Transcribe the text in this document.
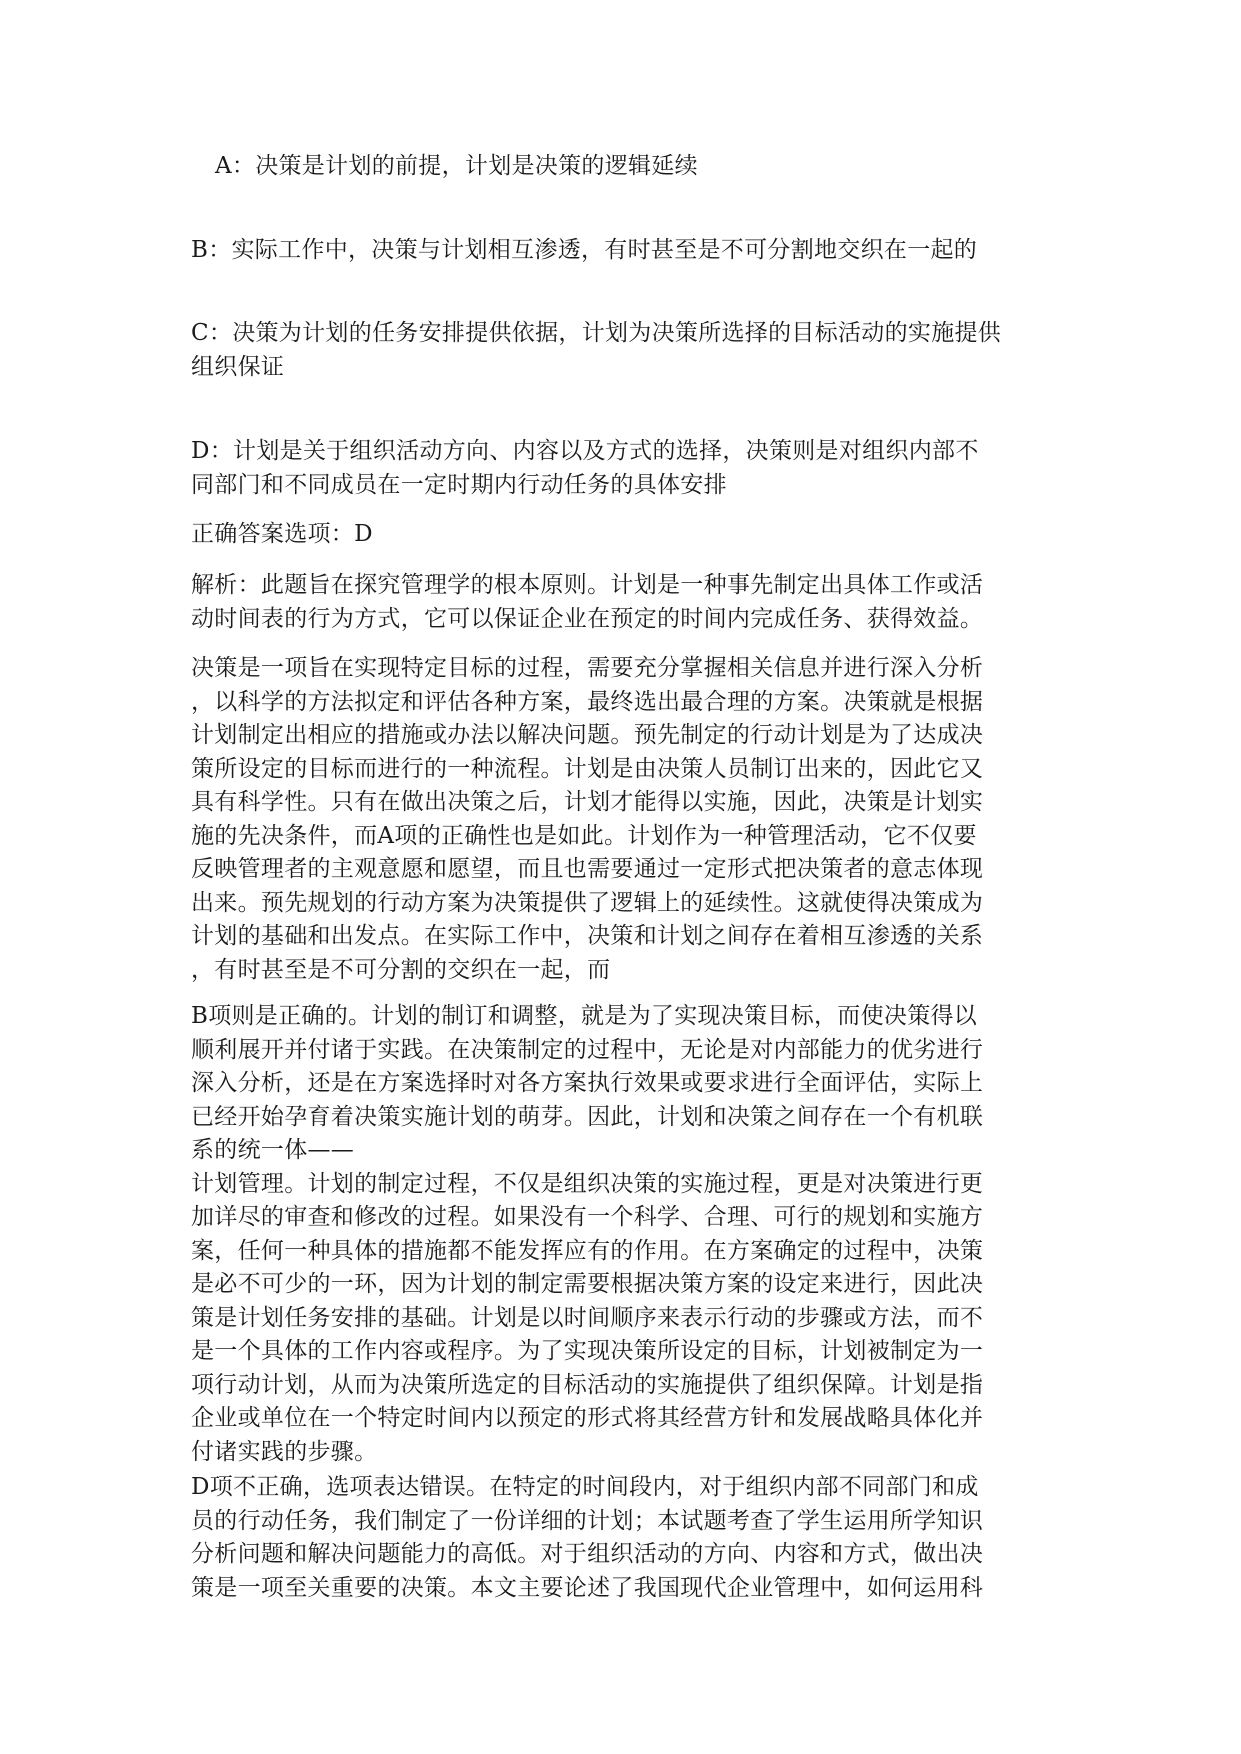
A：决策是计划的前提，计划是决策的逻辑延续
B：实际工作中，决策与计划相互渗透，有时甚至是不可分割地交织在一起的
C：决策为计划的任务安排提供依据，计划为决策所选择的目标活动的实施提供
组织保证
D：计划是关于组织活动方向、内容以及方式的选择，决策则是对组织内部不
同部门和不同成员在一定时期内行动任务的具体安排
正确答案选项：D
解析：此题旨在探究管理学的根本原则。计划是一种事先制定出具体工作或活
动时间表的行为方式，它可以保证企业在预定的时间内完成任务、获得效益。
决策是一项旨在实现特定目标的过程，需要充分掌握相关信息并进行深入分析
，以科学的方法拟定和评估各种方案，最终选出最合理的方案。决策就是根据
计划制定出相应的措施或办法以解决问题。预先制定的行动计划是为了达成决
策所设定的目标而进行的一种流程。计划是由决策人员制订出来的，因此它又
具有科学性。只有在做出决策之后，计划才能得以实施，因此，决策是计划实
施的先决条件，而A项的正确性也是如此。计划作为一种管理活动，它不仅要
反映管理者的主观意愿和愿望，而且也需要通过一定形式把决策者的意志体现
出来。预先规划的行动方案为决策提供了逻辑上的延续性。这就使得决策成为
计划的基础和出发点。在实际工作中，决策和计划之间存在着相互渗透的关系
，有时甚至是不可分割的交织在一起，而
B项则是正确的。计划的制订和调整，就是为了实现决策目标，而使决策得以
顺利展开并付诸于实践。在决策制定的过程中，无论是对内部能力的优劣进行
深入分析，还是在方案选择时对各方案执行效果或要求进行全面评估，实际上
已经开始孕育着决策实施计划的萌芽。因此，计划和决策之间存在一个有机联
系的统一体——
计划管理。计划的制定过程，不仅是组织决策的实施过程，更是对决策进行更
加详尽的审查和修改的过程。如果没有一个科学、合理、可行的规划和实施方
案，任何一种具体的措施都不能发挥应有的作用。在方案确定的过程中，决策
是必不可少的一环，因为计划的制定需要根据决策方案的设定来进行，因此决
策是计划任务安排的基础。计划是以时间顺序来表示行动的步骤或方法，而不
是一个具体的工作内容或程序。为了实现决策所设定的目标，计划被制定为一
项行动计划，从而为决策所选定的目标活动的实施提供了组织保障。计划是指
企业或单位在一个特定时间内以预定的形式将其经营方针和发展战略具体化并
付诸实践的步骤。
D项不正确，选项表达错误。在特定的时间段内，对于组织内部不同部门和成
员的行动任务，我们制定了一份详细的计划；本试题考查了学生运用所学知识
分析问题和解决问题能力的高低。对于组织活动的方向、内容和方式，做出决
策是一项至关重要的决策。本文主要论述了我国现代企业管理中，如何运用科
